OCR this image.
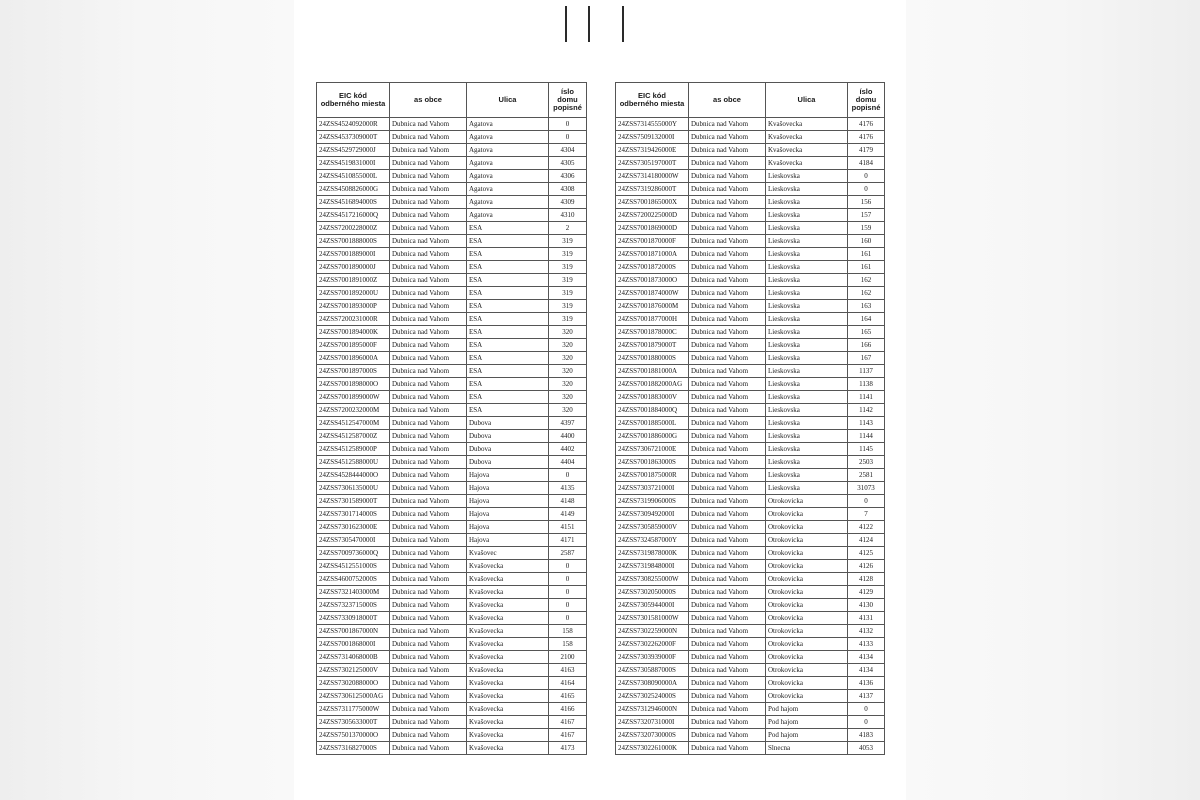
EIC kód odberného miesta	as obce	Ulica	íslo domu popisné
24ZSS4524092000R	Dubnica nad Vahom	Agatova	0
24ZSS4537309000T	Dubnica nad Vahom	Agatova	0
24ZSS4529729000J	Dubnica nad Vahom	Agatova	4304
24ZSS4519831000I	Dubnica nad Vahom	Agatova	4305
24ZSS4510855000L	Dubnica nad Vahom	Agatova	4306
24ZSS4508826000G	Dubnica nad Vahom	Agatova	4308
24ZSS4516894000S	Dubnica nad Vahom	Agatova	4309
24ZSS4517216000Q	Dubnica nad Vahom	Agatova	4310
24ZSS7200228000Z	Dubnica nad Vahom	ESA	2
24ZSS7001888000S	Dubnica nad Vahom	ESA	319
24ZSS7001889000I	Dubnica nad Vahom	ESA	319
24ZSS7001890000J	Dubnica nad Vahom	ESA	319
24ZSS7001891000Z	Dubnica nad Vahom	ESA	319
24ZSS7001892000U	Dubnica nad Vahom	ESA	319
24ZSS7001893000P	Dubnica nad Vahom	ESA	319
24ZSS7200231000R	Dubnica nad Vahom	ESA	319
24ZSS7001894000K	Dubnica nad Vahom	ESA	320
24ZSS7001895000F	Dubnica nad Vahom	ESA	320
24ZSS7001896000A	Dubnica nad Vahom	ESA	320
24ZSS7001897000S	Dubnica nad Vahom	ESA	320
24ZSS7001898000O	Dubnica nad Vahom	ESA	320
24ZSS7001899000W	Dubnica nad Vahom	ESA	320
24ZSS7200232000M	Dubnica nad Vahom	ESA	320
24ZSS4512547000M	Dubnica nad Vahom	Dubova	4397
24ZSS4512587000Z	Dubnica nad Vahom	Dubova	4400
24ZSS4512589000P	Dubnica nad Vahom	Dubova	4402
24ZSS4512588000U	Dubnica nad Vahom	Dubova	4404
24ZSS4528444000O	Dubnica nad Vahom	Hajova	0
24ZSS7306135000U	Dubnica nad Vahom	Hajova	4135
24ZSS7301589000T	Dubnica nad Vahom	Hajova	4148
24ZSS7301714000S	Dubnica nad Vahom	Hajova	4149
24ZSS7301623000E	Dubnica nad Vahom	Hajova	4151
24ZSS7305470000I	Dubnica nad Vahom	Hajova	4171
24ZSS7009736000Q	Dubnica nad Vahom	Kvašovec	2587
24ZSS4512551000S	Dubnica nad Vahom	Kvašovecka	0
24ZSS4600752000S	Dubnica nad Vahom	Kvašovecka	0
24ZSS7321403000M	Dubnica nad Vahom	Kvašovecka	0
24ZSS7323715000S	Dubnica nad Vahom	Kvašovecka	0
24ZSS7330918000T	Dubnica nad Vahom	Kvašovecka	0
24ZSS7001867000N	Dubnica nad Vahom	Kvašovecka	158
24ZSS7001868000I	Dubnica nad Vahom	Kvašovecka	158
24ZSS7314068000B	Dubnica nad Vahom	Kvašovecka	2100
24ZSS7302125000V	Dubnica nad Vahom	Kvašovecka	4163
24ZSS7302088000O	Dubnica nad Vahom	Kvašovecka	4164
24ZSS7306125000AG	Dubnica nad Vahom	Kvašovecka	4165
24ZSS7311775000W	Dubnica nad Vahom	Kvašovecka	4166
24ZSS7305633000T	Dubnica nad Vahom	Kvašovecka	4167
24ZSS7501370000O	Dubnica nad Vahom	Kvašovecka	4167
24ZSS7316827000S	Dubnica nad Vahom	Kvašovecka	4173
EIC kód odberného miesta	as obce	Ulica	íslo domu popisné
24ZSS7314555000Y	Dubnica nad Vahom	Kvašovecka	4176
24ZSS7509132000I	Dubnica nad Vahom	Kvašovecka	4176
24ZSS7319426000E	Dubnica nad Vahom	Kvašovecka	4179
24ZSS7305197000T	Dubnica nad Vahom	Kvašovecka	4184
24ZSS7314180000W	Dubnica nad Vahom	Lieskovska	0
24ZSS7319286000T	Dubnica nad Vahom	Lieskovska	0
24ZSS7001865000X	Dubnica nad Vahom	Lieskovska	156
24ZSS7200225000D	Dubnica nad Vahom	Lieskovska	157
24ZSS7001869000D	Dubnica nad Vahom	Lieskovska	159
24ZSS7001870000F	Dubnica nad Vahom	Lieskovska	160
24ZSS7001871000A	Dubnica nad Vahom	Lieskovska	161
24ZSS7001872000S	Dubnica nad Vahom	Lieskovska	161
24ZSS7001873000O	Dubnica nad Vahom	Lieskovska	162
24ZSS7001874000W	Dubnica nad Vahom	Lieskovska	162
24ZSS7001876000M	Dubnica nad Vahom	Lieskovska	163
24ZSS7001877000H	Dubnica nad Vahom	Lieskovska	164
24ZSS7001878000C	Dubnica nad Vahom	Lieskovska	165
24ZSS7001879000T	Dubnica nad Vahom	Lieskovska	166
24ZSS7001880000S	Dubnica nad Vahom	Lieskovska	167
24ZSS7001881000A	Dubnica nad Vahom	Lieskovska	1137
24ZSS7001882000AG	Dubnica nad Vahom	Lieskovska	1138
24ZSS7001883000V	Dubnica nad Vahom	Lieskovska	1141
24ZSS7001884000Q	Dubnica nad Vahom	Lieskovska	1142
24ZSS7001885000L	Dubnica nad Vahom	Lieskovska	1143
24ZSS7001886000G	Dubnica nad Vahom	Lieskovska	1144
24ZSS7306721000E	Dubnica nad Vahom	Lieskovska	1145
24ZSS7001863000S	Dubnica nad Vahom	Lieskovska	2503
24ZSS7001875000R	Dubnica nad Vahom	Lieskovska	2581
24ZSS7303721000I	Dubnica nad Vahom	Lieskovska	31073
24ZSS7319906000S	Dubnica nad Vahom	Otrokovicka	0
24ZSS7309492000I	Dubnica nad Vahom	Otrokovicka	7
24ZSS7305859000V	Dubnica nad Vahom	Otrokovicka	4122
24ZSS7324587000Y	Dubnica nad Vahom	Otrokovicka	4124
24ZSS7319878000K	Dubnica nad Vahom	Otrokovicka	4125
24ZSS7319848000I	Dubnica nad Vahom	Otrokovicka	4126
24ZSS7308255000W	Dubnica nad Vahom	Otrokovicka	4128
24ZSS7302050000S	Dubnica nad Vahom	Otrokovicka	4129
24ZSS7305944000I	Dubnica nad Vahom	Otrokovicka	4130
24ZSS7301581000W	Dubnica nad Vahom	Otrokovicka	4131
24ZSS7302259000N	Dubnica nad Vahom	Otrokovicka	4132
24ZSS7302262000F	Dubnica nad Vahom	Otrokovicka	4133
24ZSS7303939000F	Dubnica nad Vahom	Otrokovicka	4134
24ZSS7305887000S	Dubnica nad Vahom	Otrokovicka	4134
24ZSS7308090000A	Dubnica nad Vahom	Otrokovicka	4136
24ZSS7302524000S	Dubnica nad Vahom	Otrokovicka	4137
24ZSS7312946000N	Dubnica nad Vahom	Pod hajom	0
24ZSS7320731000I	Dubnica nad Vahom	Pod hajom	0
24ZSS7320730000S	Dubnica nad Vahom	Pod hajom	4183
24ZSS7302261000K	Dubnica nad Vahom	Slnecna	4053
